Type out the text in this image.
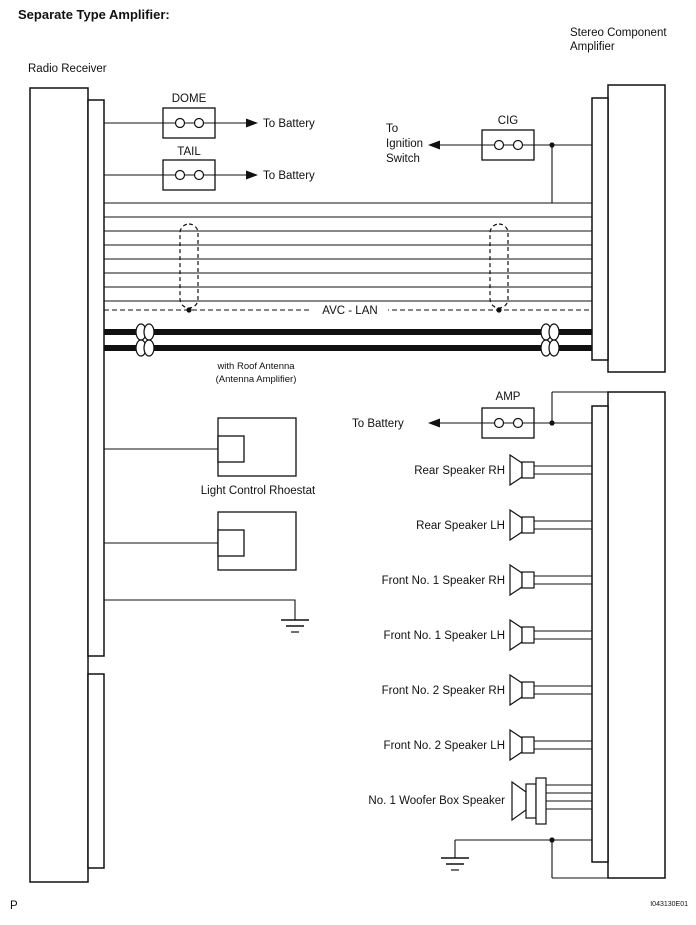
Separate Type Amplifier:
Stereo Component
Amplifier
Radio Receiver
DOME
To Battery
TAIL
To Battery
CIG
To
Ignition
Switch
AVC - LAN
with Roof Antenna
(Antenna Amplifier)
AMP
To Battery
Light Control Rhoestat
Rear Speaker RH
Rear Speaker LH
Front No. 1 Speaker RH
Front No. 1 Speaker LH
Front No. 2 Speaker RH
Front No. 2 Speaker LH
No. 1 Woofer Box Speaker
P	I043130E01
